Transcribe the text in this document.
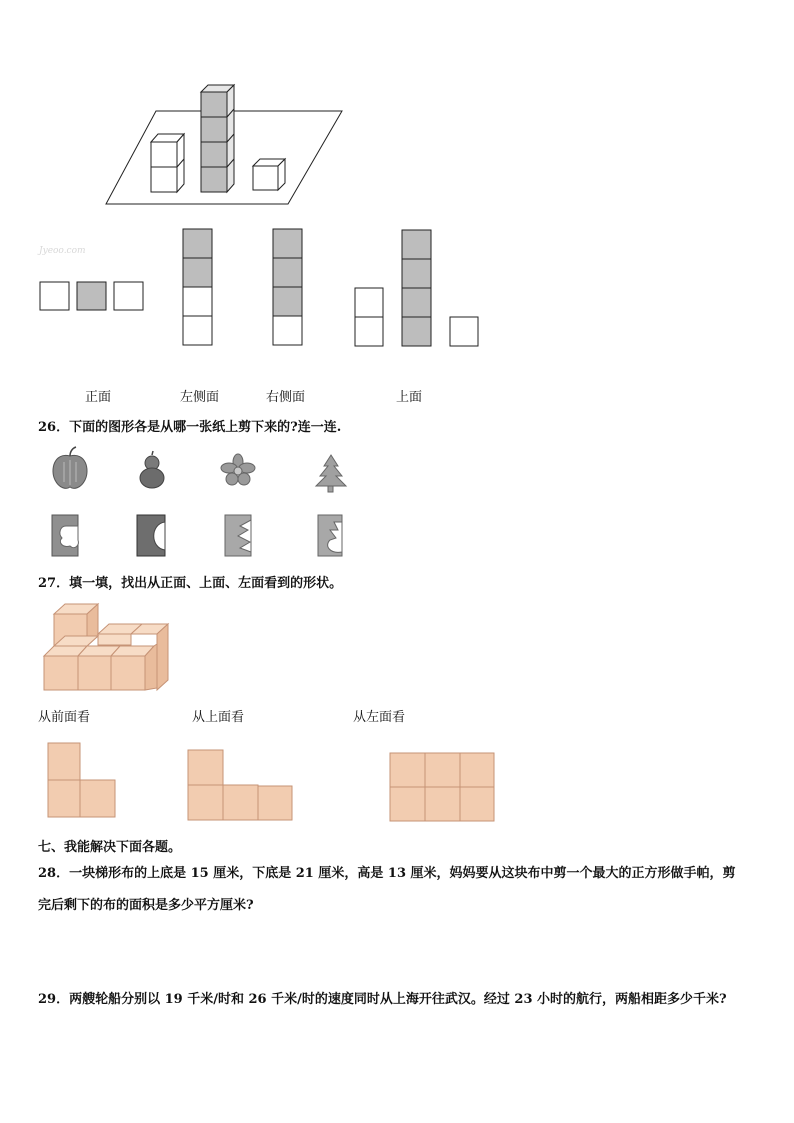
Jyeoo.com
正面	左侧面	右侧面	上面
26．下面的图形各是从哪一张纸上剪下来的?连一连.
27．填一填，找出从正面、上面、左面看到的形状。
从前面看	从上面看	从左面看
七、我能解决下面各题。
28．一块梯形布的上底是 15 厘米，下底是 21 厘米，高是 13 厘米，妈妈要从这块布中剪一个最大的正方形做手帕，剪
完后剩下的布的面积是多少平方厘米?
29．两艘轮船分别以 19 千米/时和 26 千米/时的速度同时从上海开往武汉。经过 23 小时的航行，两船相距多少千米?
